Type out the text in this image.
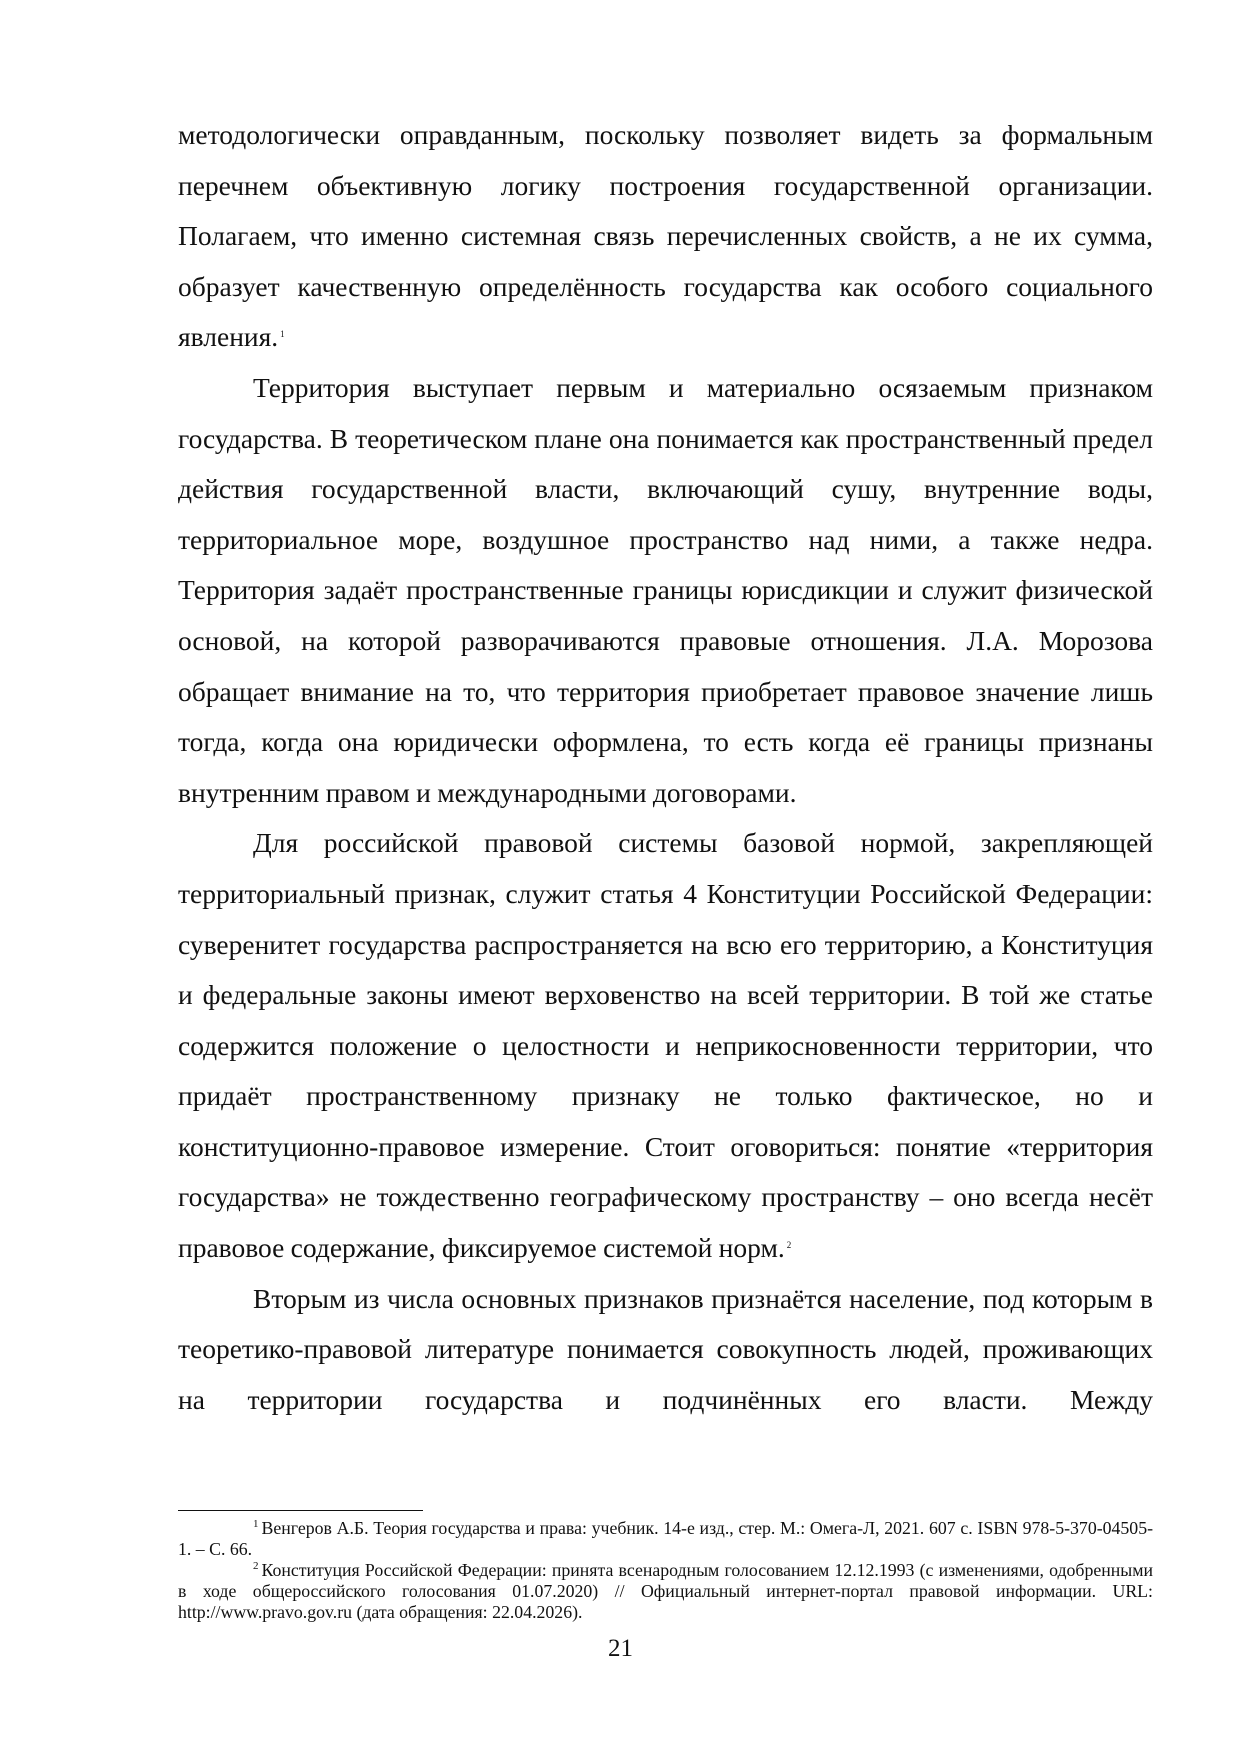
методологически оправданным, поскольку позволяет видеть за формальным перечнем объективную логику построения государственной организации. Полагаем, что именно системная связь перечисленных свойств, а не их сумма, образует качественную определённость государства как особого социального явления. $^1$

Территория выступает первым и материально осязаемым признаком государства. В теоретическом плане она понимается как пространственный предел действия государственной власти, включающий сушу, внутренние воды, территориальное море, воздушное пространство над ними, а также недра. Территория задаёт пространственные границы юрисдикции и служит физической основой, на которой разворачиваются правовые отношения. Л.А. Морозова обращает внимание на то, что территория приобретает правовое значение лишь тогда, когда она юридически оформлена, то есть когда её границы признаны внутренним правом и международными договорами.

Для российской правовой системы базовой нормой, закрепляющей территориальный признак, служит статья 4 Конституции Российской Федерации: суверенитет государства распространяется на всю его территорию, а Конституция и федеральные законы имеют верховенство на всей территории. В той же статье содержится положение о целостности и неприкосновенности территории, что придаёт пространственному признаку не только фактическое, но и конституционно-правовое измерение. Стоит оговориться: понятие «территория государства» не тождественно географическому пространству – оно всегда несёт правовое содержание, фиксируемое системой норм. $^2$

Вторым из числа основных признаков признаётся население, под которым в теоретико-правовой литературе понимается совокупность людей, проживающих на территории государства и подчинённых его власти. Между

$^1$ Венгеров А.Б. Теория государства и права: учебник. 14-е изд., стер. М.: Омега-Л, 2021. 607 с. ISBN 978-5-370-04505-1. – С. 66.

$^2$ Конституция Российской Федерации: принята всенародным голосованием 12.12.1993 (с изменениями, одобренными в ходе общероссийского голосования 01.07.2020) // Официальный интернет-портал правовой информации. URL: http://www.pravo.gov.ru (дата обращения: 22.04.2026).

21
